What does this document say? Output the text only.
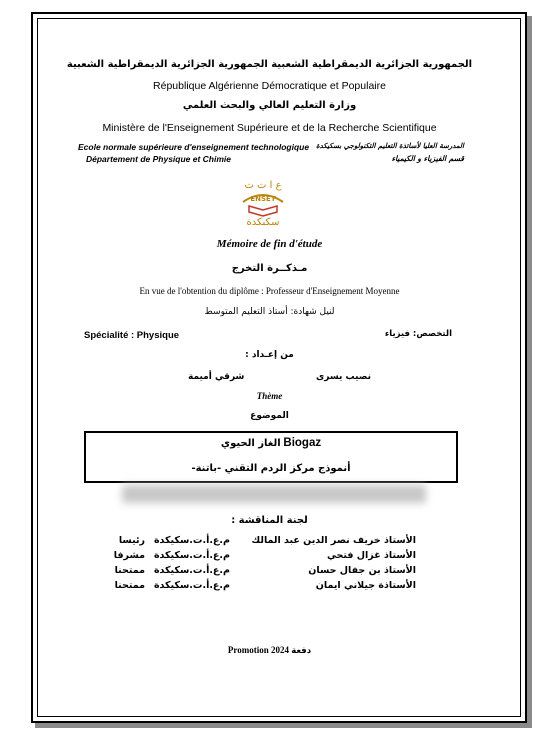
الجمهورية الجزائرية الديمقراطية الشعبية الجمهورية الجزائرية الديمقراطية الشعبية
République Algérienne Démocratique et Populaire
وزارة التعليم العالي والبحث العلمي
Ministère de l'Enseignement Supérieure et de la Recherche Scientifique
Ecole normale supérieure d'enseignement technologique
Département de Physique et Chimie
المدرسة العليا لأساتذة التعليم التكنولوجي بسكيكدة
قسم الفيزياء و الكيمياء
ع ا ت ت
ENSET
سكيكدة
Mémoire de fin d'étude
مـذكــرة التخرج
En vue de l'obtention du diplôme : Professeur d'Enseignement Moyenne
لنيل شهادة: أستاذ التعليم المتوسط
Spécialité : Physique	التخصص: فيزياء
من إعـداد :
نصيب يسرى
شرقي أميمة
Thème
الموضوع
الغاز الحيوي Biogaz
أنموذج مركز الردم التقني -باتنة-
لجنة المناقشة :
الأستاذ خريف نصر الدين عبد المالك
م.ع.أ.ت.سكيكدة
رئيسا
الأستاذ غزال فتحي
م.ع.أ.ت.سكيكدة
مشرفا
الأستاذ بن جفال حسان
م.ع.أ.ت.سكيكدة
ممتحنا
الأستاذة جيلاني ايمان
م.ع.أ.ت.سكيكدة
ممتحنا
Promotion 2024 دفعة
